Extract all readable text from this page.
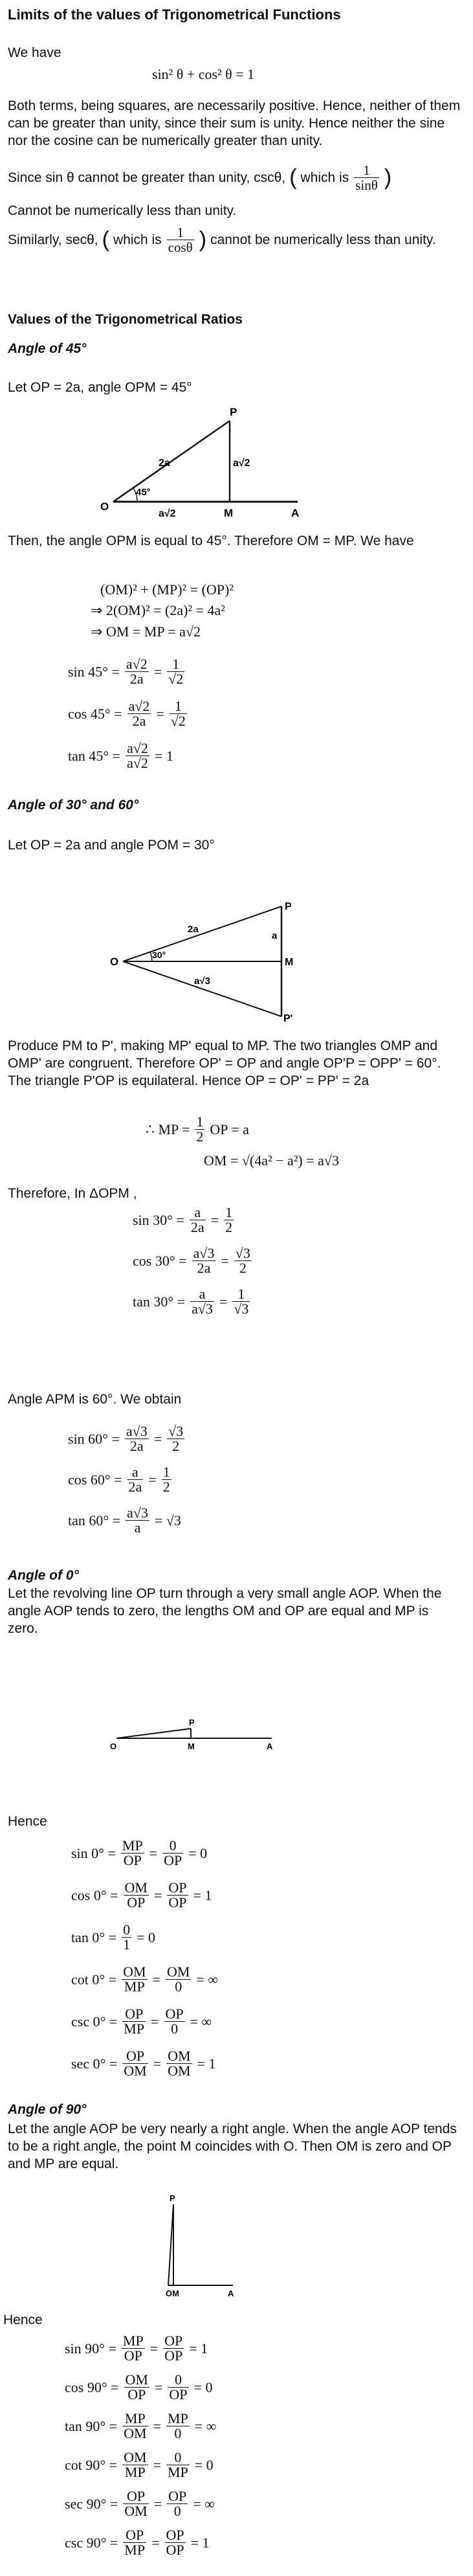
Limits of the values of Trigonometrical Functions
We have
sin² θ + cos² θ = 1
Both terms, being squares, are necessarily positive. Hence, neither of them can be greater than unity, since their sum is unity. Hence neither the sine nor the cosine can be numerically greater than unity.
Since sin θ cannot be greater than unity, cscθ, ( which is $\frac{1}{\sin\theta}$ )
Cannot be numerically less than unity.
Similarly, secθ, ( which is $\frac{1}{\cos\theta}$ ) cannot be numerically less than unity.
Values of the Trigonometrical Ratios
Angle of 45°
Let OP = 2a, angle OPM = 45°
P
O
M	A
2a	a√2
a√2
45°
Then, the angle OPM is equal to 45°. Therefore OM = MP. We have
(OM)² + (MP)² = (OP)²
⇒ 2(OM)² = (2a)² = 4a²
⇒ OM = MP = a√2
$\sin 45^\circ = \frac{a√2}{2a} = \frac{1}{√2}$
$\cos 45^\circ = \frac{a√2}{2a} = \frac{1}{√2}$
$\tan 45^\circ = \frac{a√2}{a√2} = 1$
Angle of 30° and 60°
Let OP = 2a and angle POM = 30°
P
O	M
P'
2a
a
a√3
30°
Produce PM to P', making MP' equal to MP. The two triangles OMP and OMP' are congruent. Therefore OP' = OP and angle OP'P = OPP' = 60°. The triangle P'OP is equilateral. Hence OP = OP' = PP' = 2a
∴ MP = $\frac{1}{2}$ OP = a
OM = √(4a² − a²) = a√3
Therefore, In ΔOPM ,
$\sin 30^\circ = \frac{a}{2a} = \frac{1}{2}$
$\cos 30^\circ = \frac{a√3}{2a} = \frac{√3}{2}$
$\tan 30^\circ = \frac{a}{a√3} = \frac{1}{√3}$
Angle APM is 60°. We obtain
$\sin 60^\circ = \frac{a√3}{2a} = \frac{√3}{2}$
$\cos 60^\circ = \frac{a}{2a} = \frac{1}{2}$
$\tan 60^\circ = \frac{a√3}{a} = √3$
Angle of 0°
Let the revolving line OP turn through a very small angle AOP. When the angle AOP tends to zero, the lengths OM and OP are equal and MP is zero.
P
O	M	A
Hence
$\sin 0^\circ = \frac{MP}{OP} = \frac{0}{OP} = 0$
$\cos 0^\circ = \frac{OM}{OP} = \frac{OP}{OP} = 1$
$\tan 0^\circ = \frac{0}{1} = 0$
$\cot 0^\circ = \frac{OM}{MP} = \frac{OM}{0}$ = ∞
$\csc 0^\circ = \frac{OP}{MP} = \frac{OP}{0}$ = ∞
$\sec 0^\circ = \frac{OP}{OM} = \frac{OM}{OM} = 1$
Angle of 90°
Let the angle AOP be very nearly a right angle. When the angle AOP tends to be a right angle, the point M coincides with O. Then OM is zero and OP and MP are equal.
P
OM	A
Hence
$\sin 90^\circ = \frac{MP}{OP} = \frac{OP}{OP} = 1$
$\cos 90^\circ = \frac{OM}{OP} = \frac{0}{OP} = 0$
$\tan 90^\circ = \frac{MP}{OM} = \frac{MP}{0}$ = ∞
$\cot 90^\circ = \frac{OM}{MP} = \frac{0}{MP} = 0$
$\sec 90^\circ = \frac{OP}{OM} = \frac{OP}{0}$ = ∞
$\csc 90^\circ = \frac{OP}{MP} = \frac{OP}{OP} = 1$
